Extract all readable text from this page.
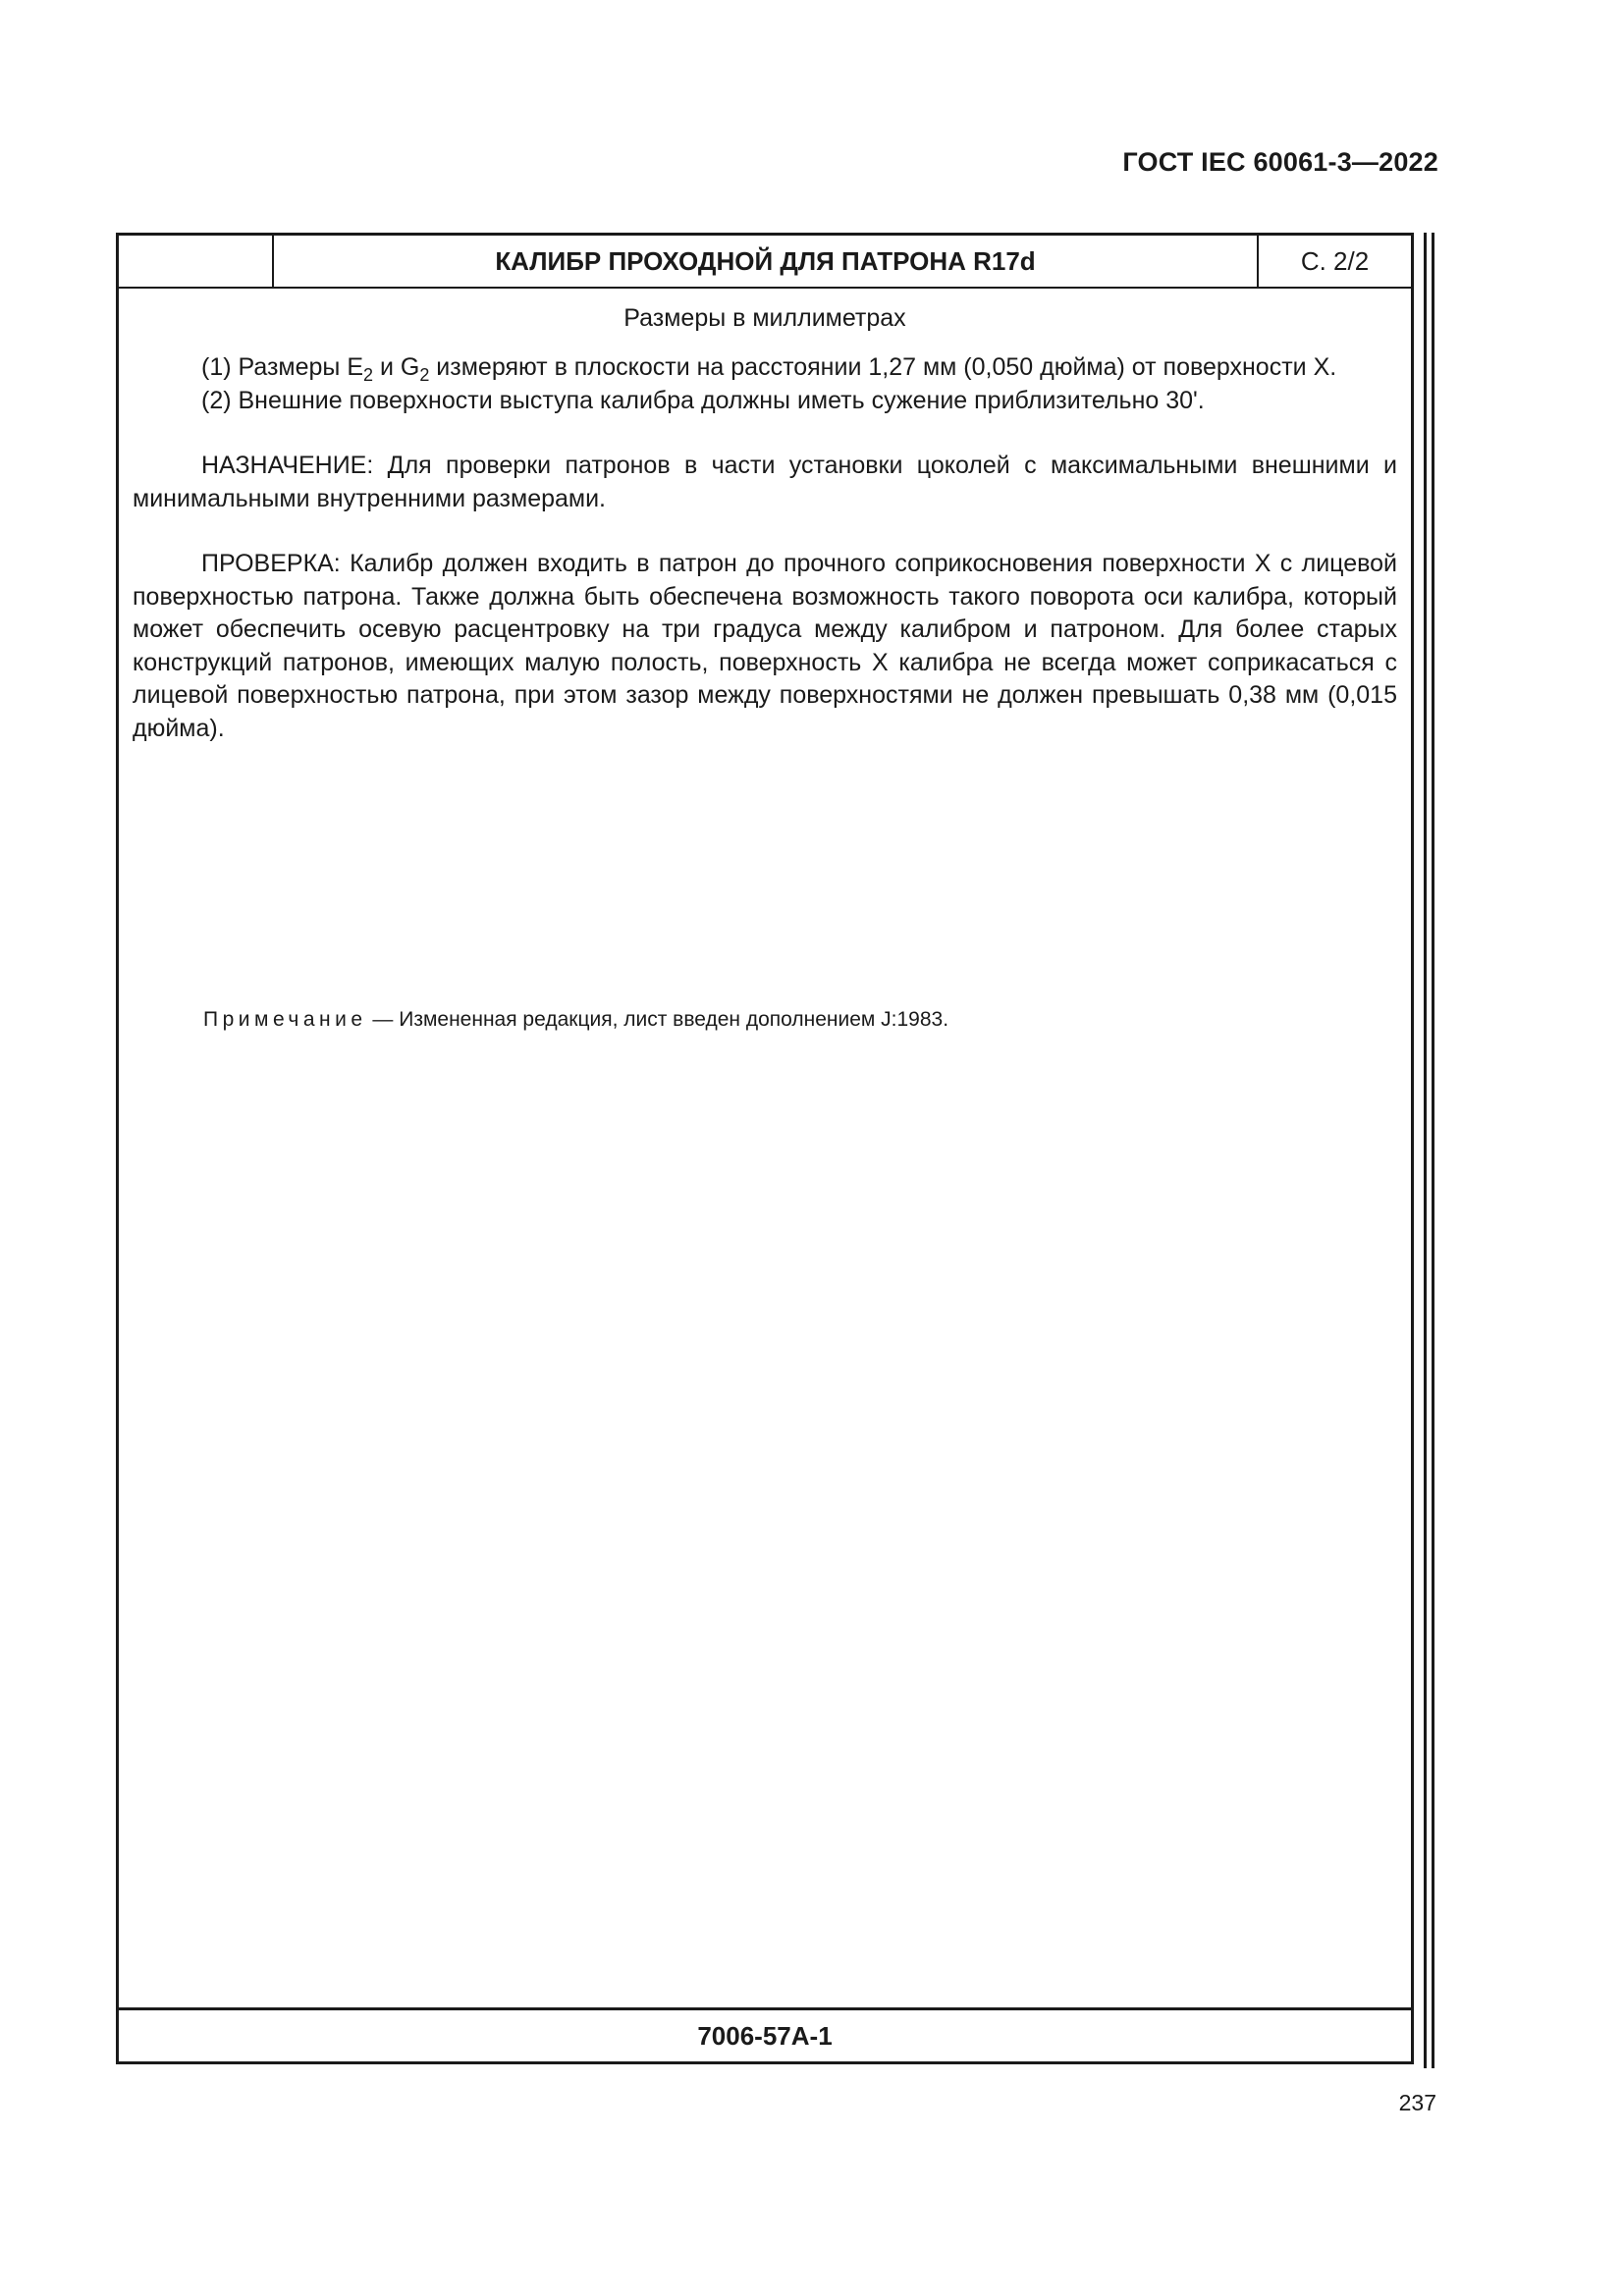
ГОСТ IEC 60061-3—2022
КАЛИБР ПРОХОДНОЙ ДЛЯ ПАТРОНА R17d	С. 2/2
Размеры в миллиметрах

(1) Размеры $E_2$ и $G_2$ измеряют в плоскости на расстоянии 1,27 мм (0,050 дюйма) от поверхности X.

(2) Внешние поверхности выступа калибра должны иметь сужение приблизительно 30'.

НАЗНАЧЕНИЕ: Для проверки патронов в части установки цоколей с максимальными внешними и минимальными внутренними размерами.

ПРОВЕРКА: Калибр должен входить в патрон до прочного соприкосновения поверхности X с лицевой поверхностью патрона. Также должна быть обеспечена возможность такого поворота оси калибра, который может обеспечить осевую расцентровку на три градуса между калибром и патроном. Для более старых конструкций патронов, имеющих малую полость, поверхность X калибра не всегда может соприкасаться с лицевой поверхностью патрона, при этом зазор между поверхностями не должен превышать 0,38 мм (0,015 дюйма).

Примечание — Измененная редакция, лист введен дополнением J:1983.
7006-57A-1
237
